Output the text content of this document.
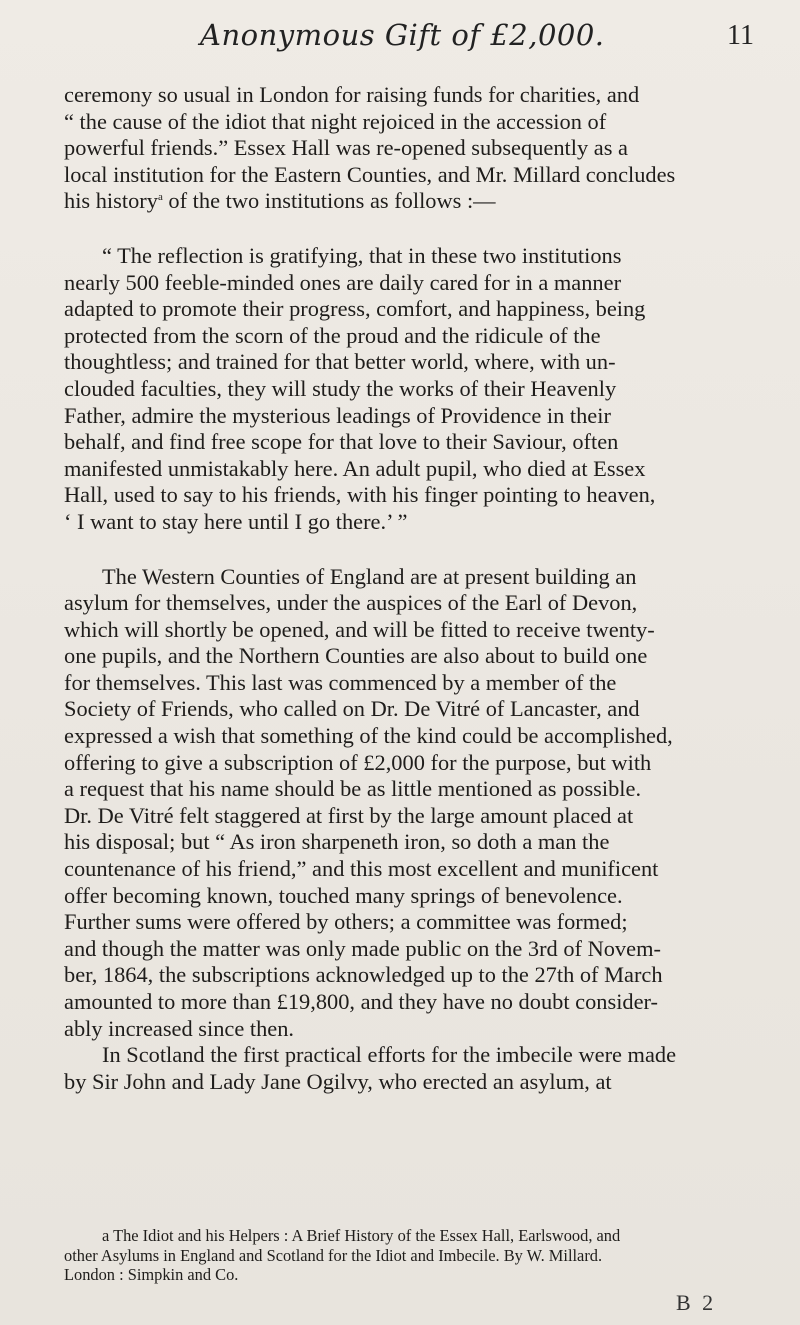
Anonymous Gift of £2,000.	11

ceremony so usual in London for raising funds for charities, and
“ the cause of the idiot that night rejoiced in the accession of
powerful friends.” Essex Hall was re-opened subsequently as a
local institution for the Eastern Counties, and Mr. Millard concludes
his history$^a$ of the two institutions as follows :—

“ The reflection is gratifying, that in these two institutions
nearly 500 feeble-minded ones are daily cared for in a manner
adapted to promote their progress, comfort, and happiness, being
protected from the scorn of the proud and the ridicule of the
thoughtless; and trained for that better world, where, with un-
clouded faculties, they will study the works of their Heavenly
Father, admire the mysterious leadings of Providence in their
behalf, and find free scope for that love to their Saviour, often
manifested unmistakably here. An adult pupil, who died at Essex
Hall, used to say to his friends, with his finger pointing to heaven,
‘ I want to stay here until I go there.’ ”

The Western Counties of England are at present building an
asylum for themselves, under the auspices of the Earl of Devon,
which will shortly be opened, and will be fitted to receive twenty-
one pupils, and the Northern Counties are also about to build one
for themselves. This last was commenced by a member of the
Society of Friends, who called on Dr. De Vitré of Lancaster, and
expressed a wish that something of the kind could be accomplished,
offering to give a subscription of £2,000 for the purpose, but with
a request that his name should be as little mentioned as possible.
Dr. De Vitré felt staggered at first by the large amount placed at
his disposal; but “ As iron sharpeneth iron, so doth a man the
countenance of his friend,” and this most excellent and munificent
offer becoming known, touched many springs of benevolence.
Further sums were offered by others; a committee was formed;
and though the matter was only made public on the 3rd of Novem-
ber, 1864, the subscriptions acknowledged up to the 27th of March
amounted to more than £19,800, and they have no doubt consider-
ably increased since then.

In Scotland the first practical efforts for the imbecile were made
by Sir John and Lady Jane Ogilvy, who erected an asylum, at

a The Idiot and his Helpers : A Brief History of the Essex Hall, Earlswood, and
other Asylums in England and Scotland for the Idiot and Imbecile. By W. Millard.
London : Simpkin and Co.
B 2
